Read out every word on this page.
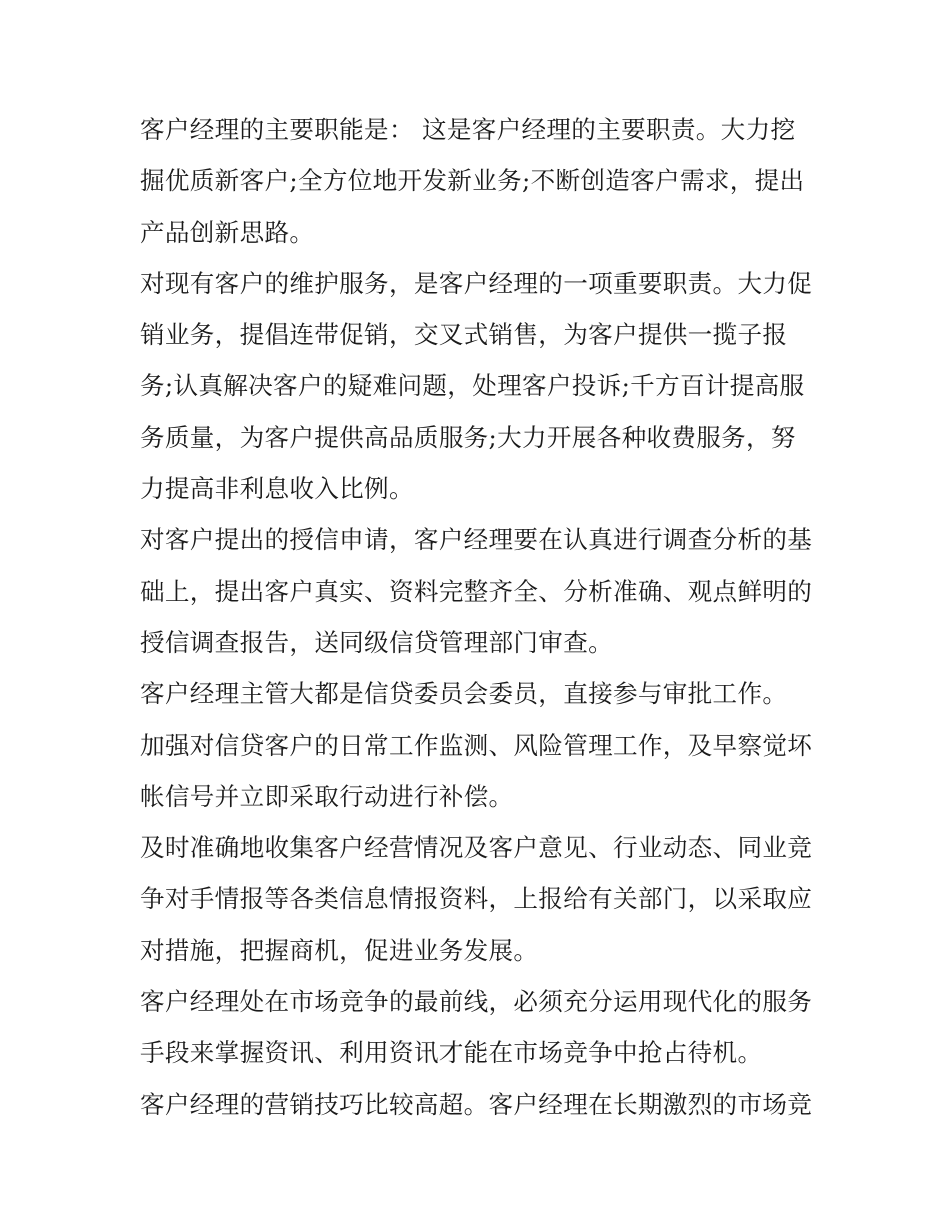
客户经理的主要职能是： 这是客户经理的主要职责。大力挖
掘优质新客户;全方位地开发新业务;不断创造客户需求，提出
产品创新思路。
对现有客户的维护服务，是客户经理的一项重要职责。大力促
销业务，提倡连带促销，交叉式销售，为客户提供一揽子报
务;认真解决客户的疑难问题，处理客户投诉;千方百计提高服
务质量，为客户提供高品质服务;大力开展各种收费服务，努
力提高非利息收入比例。
对客户提出的授信申请，客户经理要在认真进行调查分析的基
础上，提出客户真实、资料完整齐全、分析准确、观点鲜明的
授信调查报告，送同级信贷管理部门审查。
客户经理主管大都是信贷委员会委员，直接参与审批工作。
加强对信贷客户的日常工作监测、风险管理工作，及早察觉坏
帐信号并立即采取行动进行补偿。
及时准确地收集客户经营情况及客户意见、行业动态、同业竞
争对手情报等各类信息情报资料，上报给有关部门，以采取应
对措施，把握商机，促进业务发展。
客户经理处在市场竞争的最前线，必须充分运用现代化的服务
手段来掌握资讯、利用资讯才能在市场竞争中抢占待机。
客户经理的营销技巧比较高超。客户经理在长期激烈的市场竞
